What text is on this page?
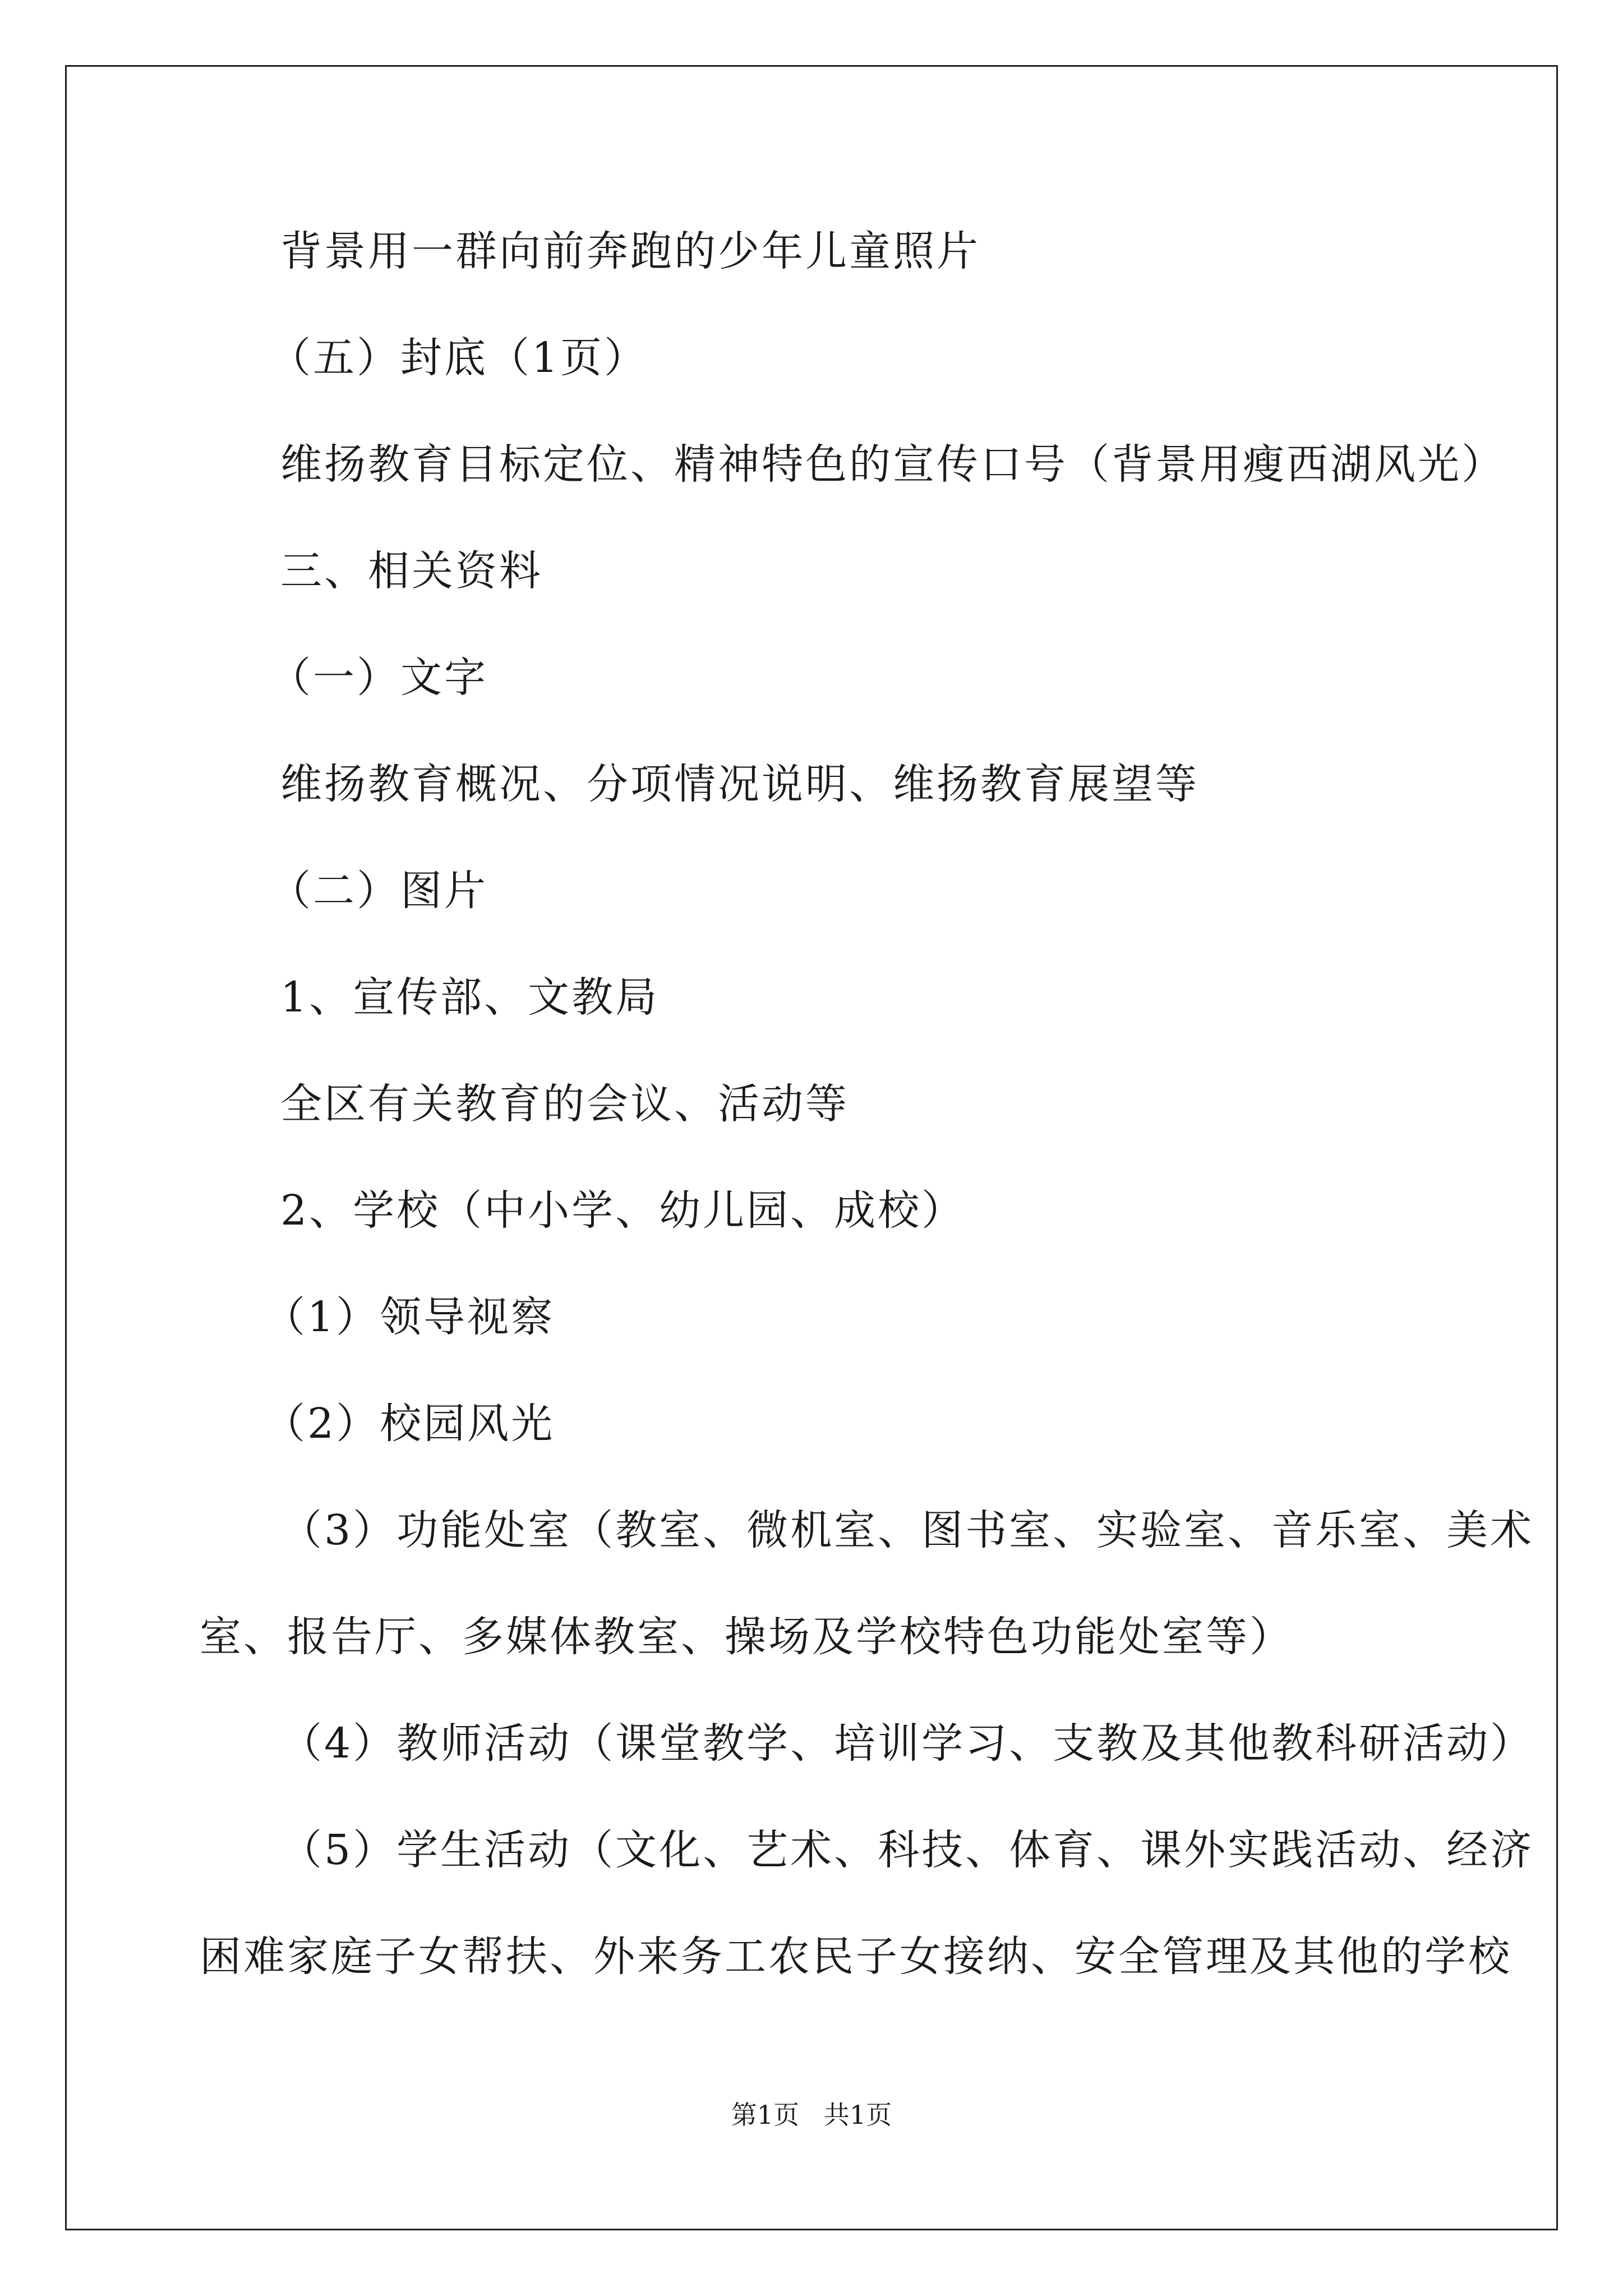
背景用一群向前奔跑的少年儿童照片
（五）封底（1页）
维扬教育目标定位、精神特色的宣传口号（背景用瘦西湖风光）
三、相关资料
（一）文字
维扬教育概况、分项情况说明、维扬教育展望等
（二）图片
1、宣传部、文教局
全区有关教育的会议、活动等
2、学校（中小学、幼儿园、成校）
（1）领导视察
（2）校园风光
（3）功能处室（教室、微机室、图书室、实验室、音乐室、美术
室、报告厅、多媒体教室、操场及学校特色功能处室等）
（4）教师活动（课堂教学、培训学习、支教及其他教科研活动）
（5）学生活动（文化、艺术、科技、体育、课外实践活动、经济
困难家庭子女帮扶、外来务工农民子女接纳、安全管理及其他的学校
第1页   共1页
